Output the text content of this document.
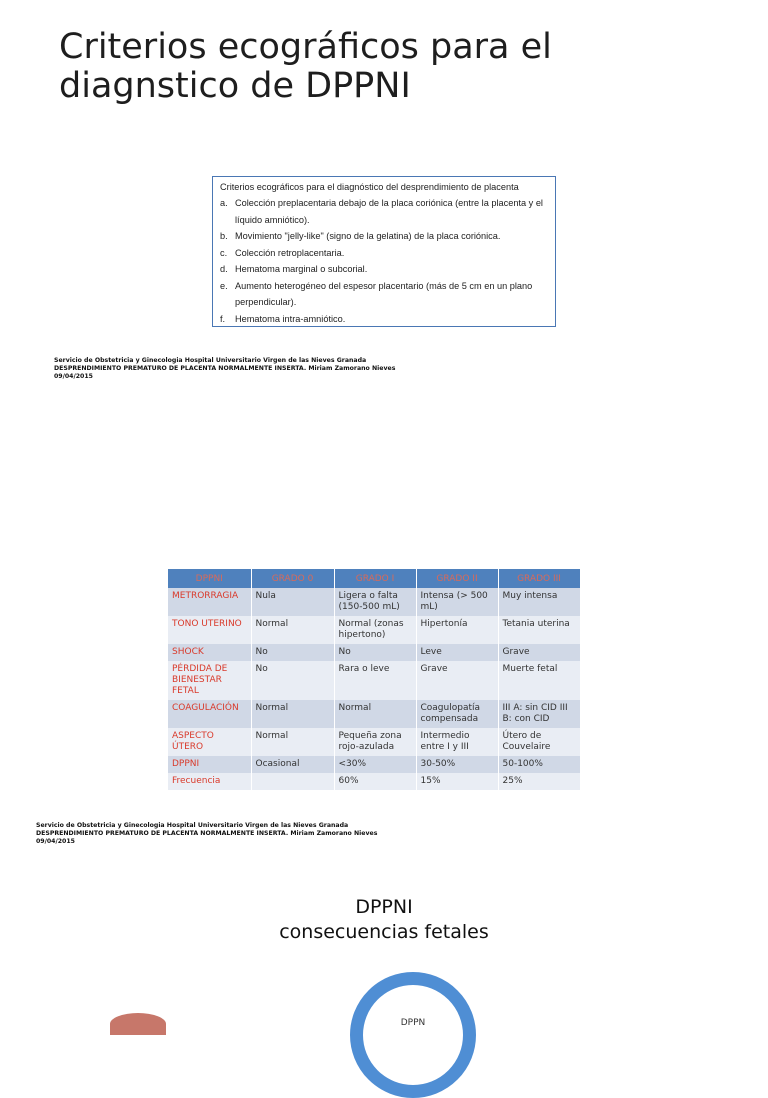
Criterios ecográficos para el
diagnstico de DPPNI
Criterios ecográficos para el diagnóstico del desprendimiento de placenta
a. Colección preplacentaria debajo de la placa coriónica (entre la placenta y el líquido amniótico).
b. Movimiento "jelly-like" (signo de la gelatina) de la placa coriónica.
c. Colección retroplacentaria.
d. Hematoma marginal o subcorial.
e. Aumento heterogéneo del espesor placentario (más de 5 cm en un plano perpendicular).
f.	Hematoma intra-amniótico.
Servicio de Obstetricia y Ginecologia Hospital Universitario Virgen de las Nieves Granada
DESPRENDIMIENTO PREMATURO DE PLACENTA NORMALMENTE INSERTA. Miriam Zamorano Nieves
09/04/2015
DPPNI	GRADO 0	GRADO I	GRADO II	GRADO III
METRORRAGIA	Nula	Ligera o falta (150-500 mL)	Intensa (> 500 mL)	Muy intensa
TONO UTERINO	Normal	Normal (zonas hipertono)	Hipertonía	Tetania uterina
SHOCK	No	No	Leve	Grave
PÉRDIDA DE BIENESTAR FETAL	No	Rara o leve	Grave	Muerte fetal
COAGULACIÓN	Normal	Normal	Coagulopatía compensada	III A: sin CID III B: con CID
ASPECTO ÚTERO	Normal	Pequeña zona rojo-azulada	Intermedio entre I y III	Útero de Couvelaire
DPPNI	Ocasional	<30%	30-50%	50-100%
Frecuencia		60%	15%	25%
Servicio de Obstetricia y Ginecologia Hospital Universitario Virgen de las Nieves Granada
DESPRENDIMIENTO PREMATURO DE PLACENTA NORMALMENTE INSERTA. Miriam Zamorano Nieves
09/04/2015
DPPNI
consecuencias fetales
DPPN
